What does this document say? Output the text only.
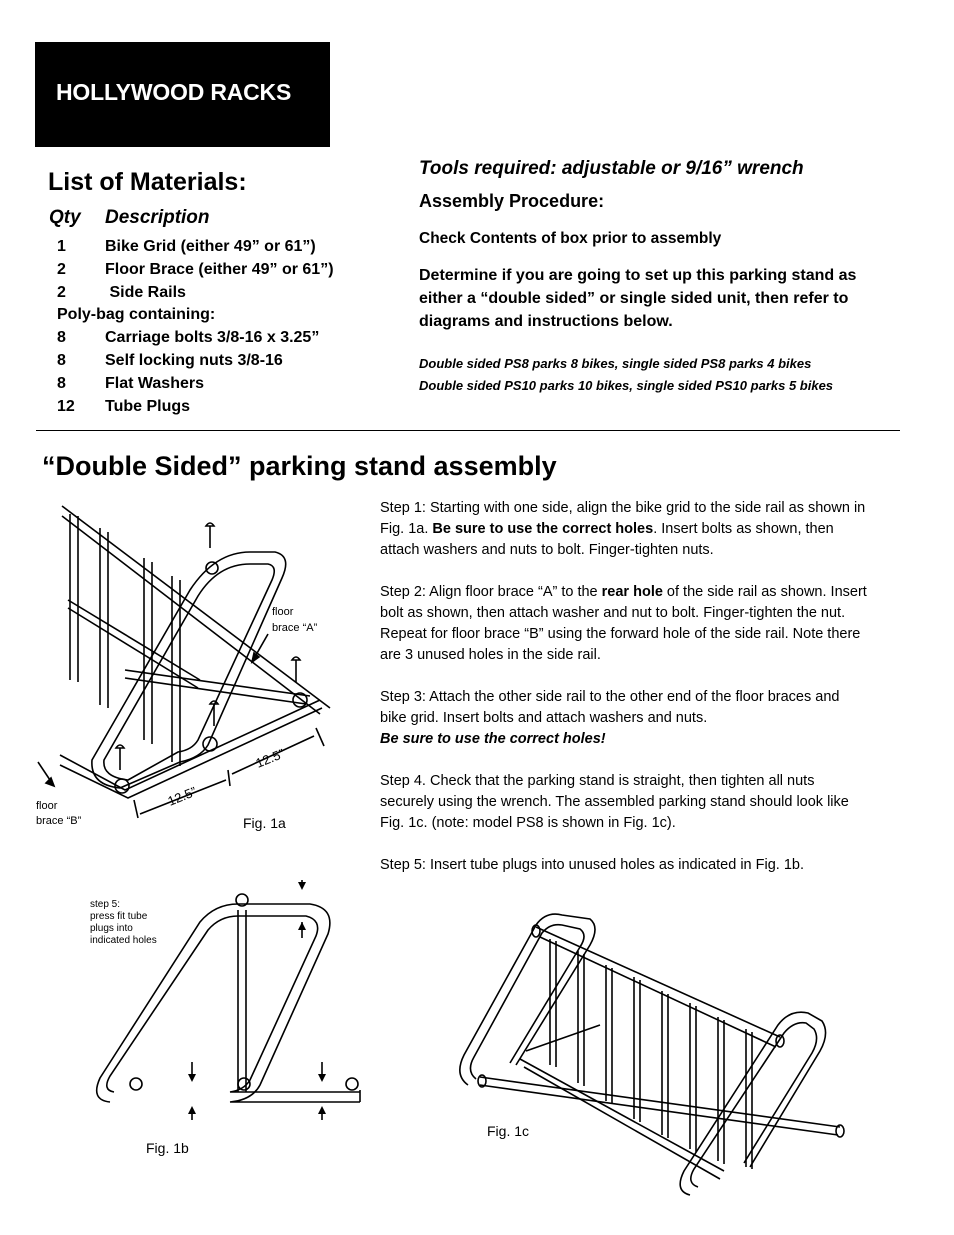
HOLLYWOOD RACKS
List of Materials:
Qty Description
1 Bike Grid (either 49” or 61”)
2 Floor Brace (either 49” or 61”)
2 Side Rails
Poly-bag containing:
8 Carriage bolts 3/8-16 x 3.25”
8 Self locking nuts 3/8-16
8 Flat Washers
12 Tube Plugs
Tools required: adjustable or 9/16” wrench
Assembly Procedure:
Check Contents of box prior to assembly
Determine if you are going to set up this parking stand as either a “double sided” or single sided unit, then refer to diagrams and instructions below.
Double sided PS8 parks 8 bikes, single sided PS8 parks 4 bikes
Double sided PS10 parks 10 bikes, single sided PS10 parks 5 bikes
“Double Sided” parking stand assembly

Step 1: Starting with one side, align the bike grid to the side rail as shown in Fig. 1a. Be sure to use the correct holes. Insert bolts as shown, then attach washers and nuts to bolt. Finger-tighten nuts.

Step 2: Align floor brace “A” to the rear hole of the side rail as shown. Insert bolt as shown, then attach washer and nut to bolt. Finger-tighten the nut. Repeat for floor brace “B” using the forward hole of the side rail. Note there are 3 unused holes in the side rail.

Step 3: Attach the other side rail to the other end of the floor braces and bike grid. Insert bolts and attach washers and nuts.
Be sure to use the correct holes!

Step 4. Check that the parking stand is straight, then tighten all nuts securely using the wrench. The assembled parking stand should look like Fig. 1c. (note: model PS8 is shown in Fig. 1c).

Step 5: Insert tube plugs into unused holes as indicated in Fig. 1b.

floor
brace “A”
floor
brace “B”
12.5”
12.5”
Fig. 1a
step 5:
press fit tube
plugs into
indicated holes
Fig. 1b
Fig. 1c
